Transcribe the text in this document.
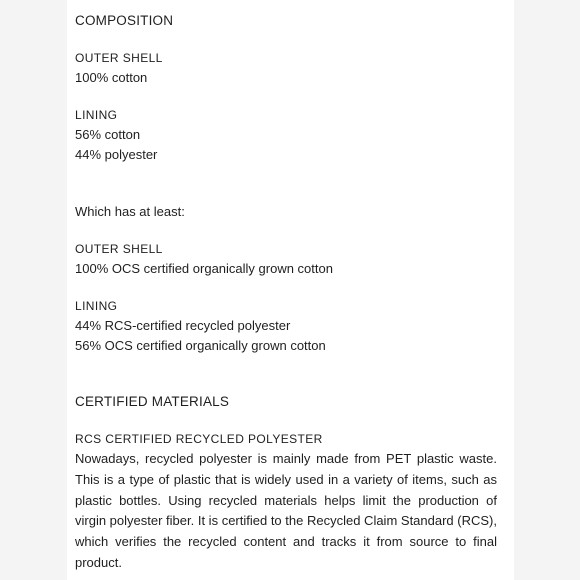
COMPOSITION
OUTER SHELL
100% cotton
LINING
56% cotton
44% polyester
Which has at least:
OUTER SHELL
100% OCS certified organically grown cotton
LINING
44% RCS-certified recycled polyester
56% OCS certified organically grown cotton
CERTIFIED MATERIALS
RCS CERTIFIED RECYCLED POLYESTER
Nowadays, recycled polyester is mainly made from PET plastic waste. This is a type of plastic that is widely used in a variety of items, such as plastic bottles. Using recycled materials helps limit the production of virgin polyester fiber. It is certified to the Recycled Claim Standard (RCS), which verifies the recycled content and tracks it from source to final product.
